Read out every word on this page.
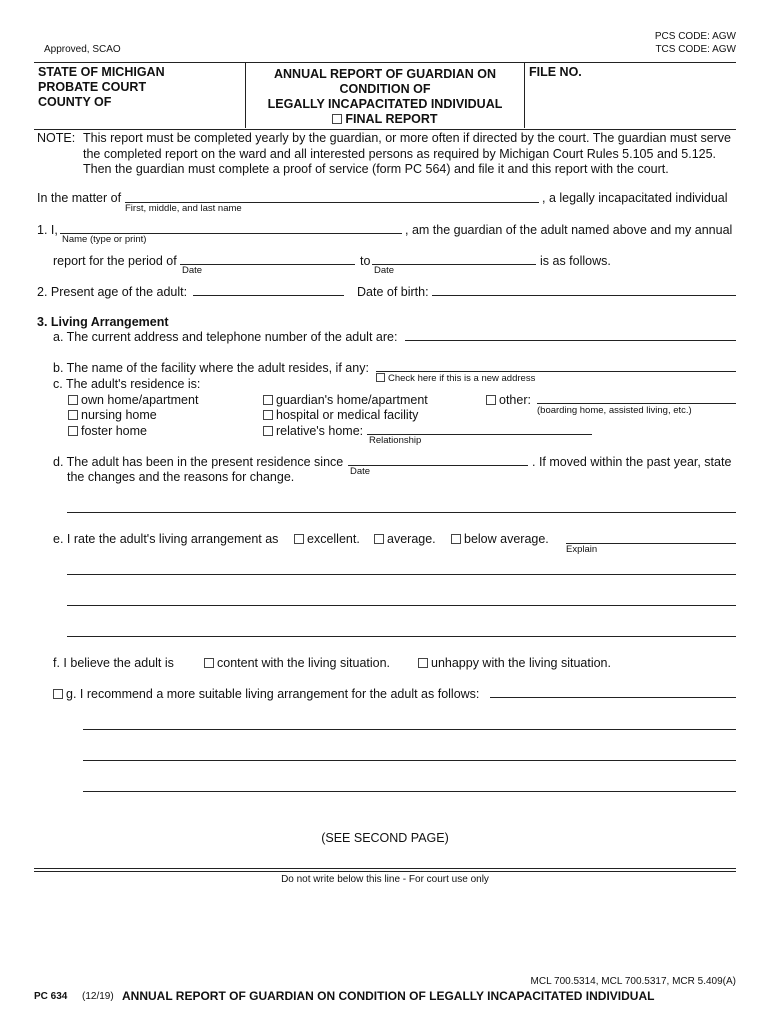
Approved, SCAO
PCS CODE: AGW
TCS CODE: AGW
STATE OF MICHIGAN
PROBATE COURT
COUNTY OF
ANNUAL REPORT OF GUARDIAN ON
CONDITION OF
LEGALLY INCAPACITATED INDIVIDUAL
FINAL REPORT
FILE NO.
NOTE: This report must be completed yearly by the guardian, or more often if directed by the court. The guardian must serve
the completed report on the ward and all interested persons as required by Michigan Court Rules 5.105 and 5.125.
Then the guardian must complete a proof of service (form PC 564) and file it and this report with the court.
In the matter of	, a legally incapacitated individual
First, middle, and last name
1. I,	, am the guardian of the adult named above and my annual
Name (type or print)
report for the period of	to	is as follows.
Date	Date
2. Present age of the adult:	Date of birth:
3. Living Arrangement
a. The current address and telephone number of the adult are:
b. The name of the facility where the adult resides, if any:
Check here if this is a new address
c. The adult's residence is:
own home/apartment
nursing home
foster home
guardian's home/apartment
hospital or medical facility
relative's home:
Relationship
other:
(boarding home, assisted living, etc.)
d. The adult has been in the present residence since
Date
. If moved within the past year, state
the changes and the reasons for change.
e. I rate the adult's living arrangement as	excellent.	average.	below average.
Explain
f. I believe the adult is	content with the living situation.	unhappy with the living situation.
g. I recommend a more suitable living arrangement for the adult as follows:
(SEE SECOND PAGE)
Do not write below this line - For court use only
MCL 700.5314, MCL 700.5317, MCR 5.409(A)
PC 634 (12/19) ANNUAL REPORT OF GUARDIAN ON CONDITION OF LEGALLY INCAPACITATED INDIVIDUAL
